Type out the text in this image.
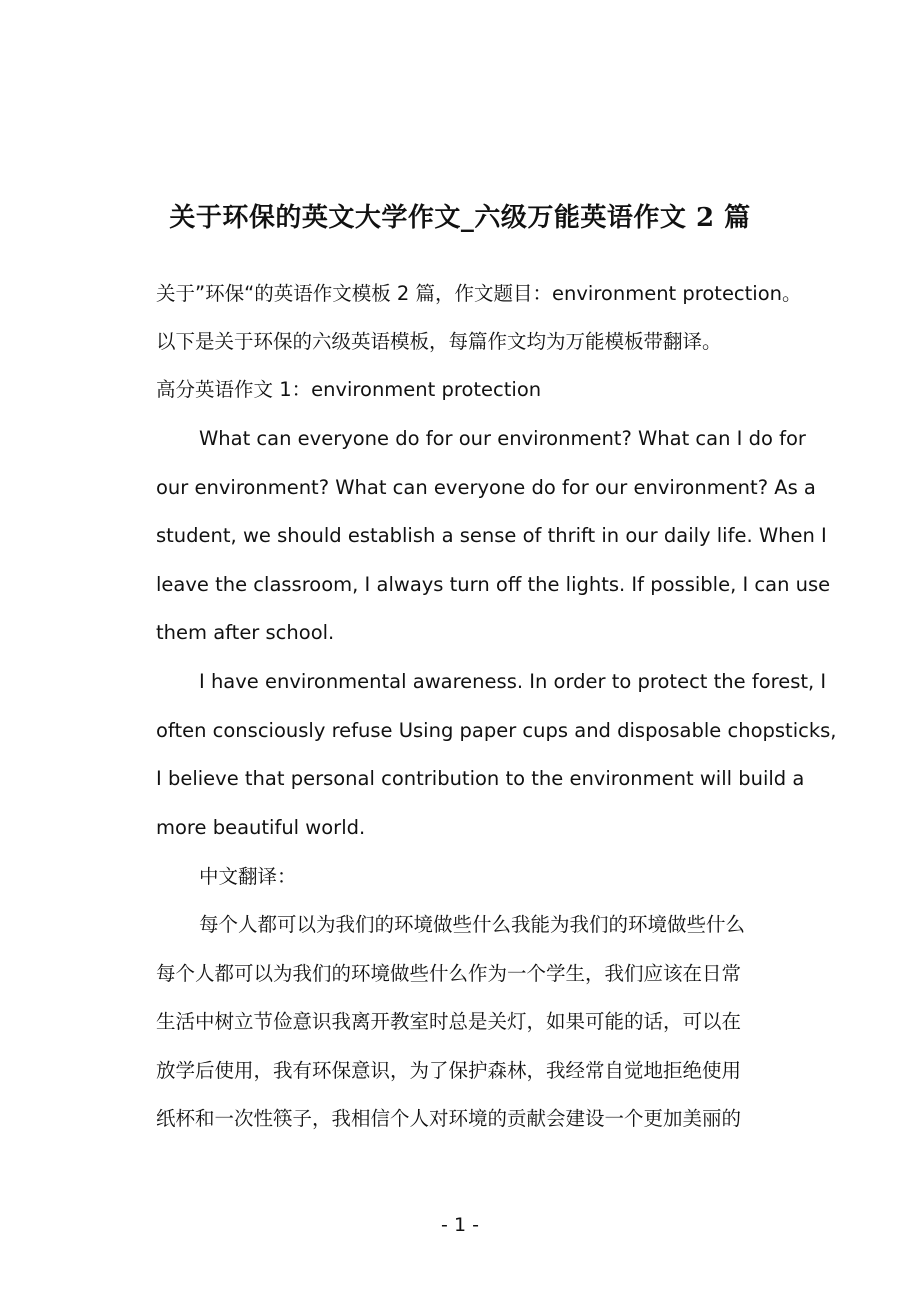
关于环保的英文大学作文_六级万能英语作文 2 篇

关于”环保“的英语作文模板 2 篇，作文题目：environment protection。

以下是关于环保的六级英语模板，每篇作文均为万能模板带翻译。

高分英语作文 1：environment protection

What can everyone do for our environment? What can I do for

our environment? What can everyone do for our environment? As a

student, we should establish a sense of thrift in our daily life. When I

leave the classroom, I always turn off the lights. If possible, I can use

them after school.

I have environmental awareness. In order to protect the forest, I

often consciously refuse Using paper cups and disposable chopsticks,

I believe that personal contribution to the environment will build a

more beautiful world.

中文翻译：

每个人都可以为我们的环境做些什么我能为我们的环境做些什么

每个人都可以为我们的环境做些什么作为一个学生，我们应该在日常

生活中树立节俭意识我离开教室时总是关灯，如果可能的话，可以在

放学后使用，我有环保意识，为了保护森林，我经常自觉地拒绝使用

纸杯和一次性筷子，我相信个人对环境的贡献会建设一个更加美丽的

- 1 -
